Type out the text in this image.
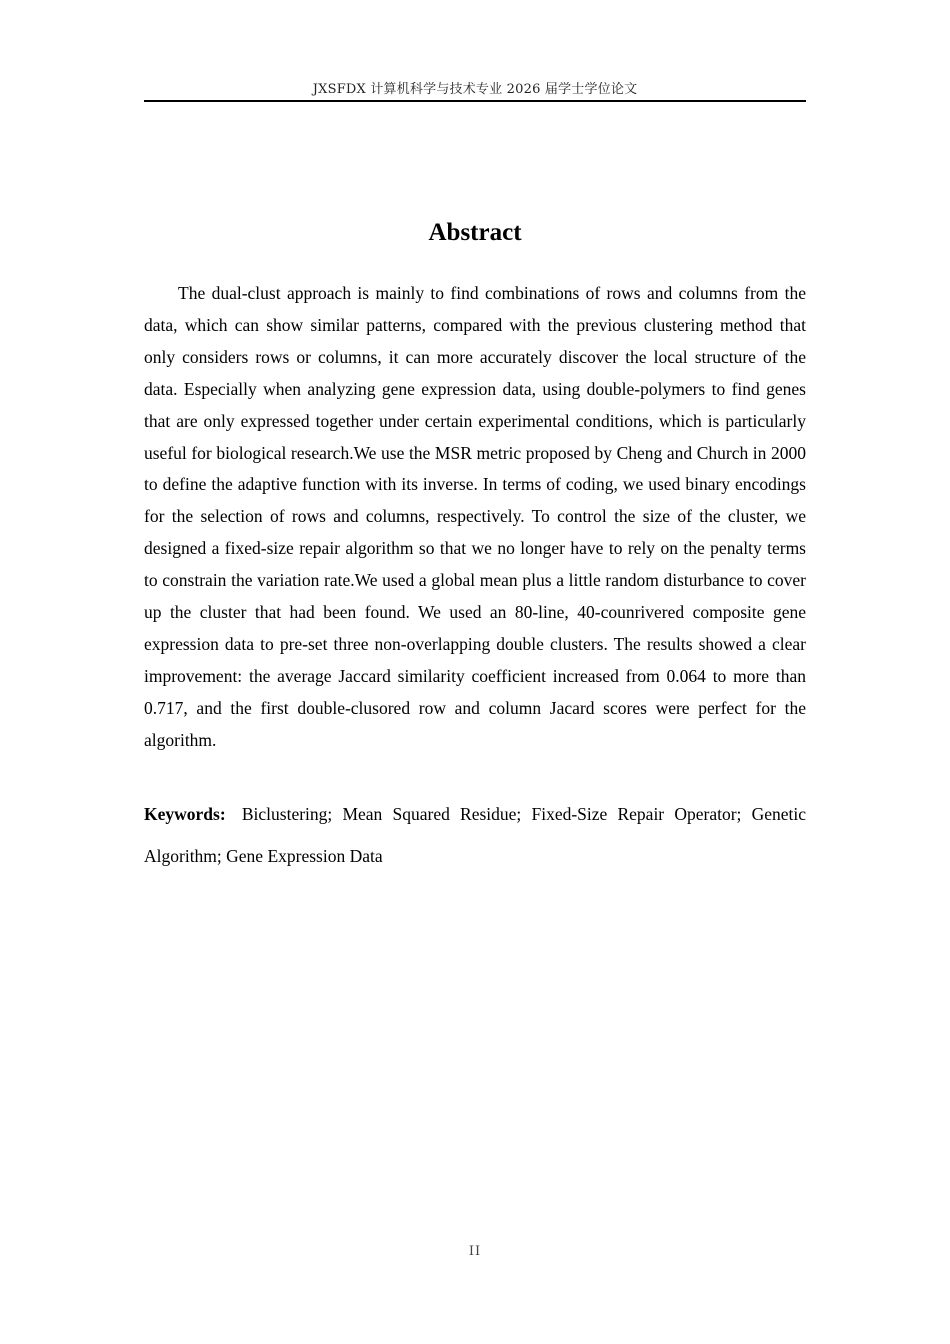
JXSFDX 计算机科学与技术专业 2026 届学士学位论文
Abstract

The dual-clust approach is mainly to find combinations of rows and columns from the data, which can show similar patterns, compared with the previous clustering method that only considers rows or columns, it can more accurately discover the local structure of the data. Especially when analyzing gene expression data, using double-polymers to find genes that are only expressed together under certain experimental conditions, which is particularly useful for biological research.We use the MSR metric proposed by Cheng and Church in 2000 to define the adaptive function with its inverse. In terms of coding, we used binary encodings for the selection of rows and columns, respectively. To control the size of the cluster, we designed a fixed-size repair algorithm so that we no longer have to rely on the penalty terms to constrain the variation rate.We used a global mean plus a little random disturbance to cover up the cluster that had been found. We used an 80-line, 40-counrivered composite gene expression data to pre-set three non-overlapping double clusters. The results showed a clear improvement: the average Jaccard similarity coefficient increased from 0.064 to more than 0.717, and the first double-clusored row and column Jacard scores were perfect for the algorithm.

Keywords: Biclustering; Mean Squared Residue; Fixed-Size Repair Operator; Genetic Algorithm; Gene Expression Data

II
